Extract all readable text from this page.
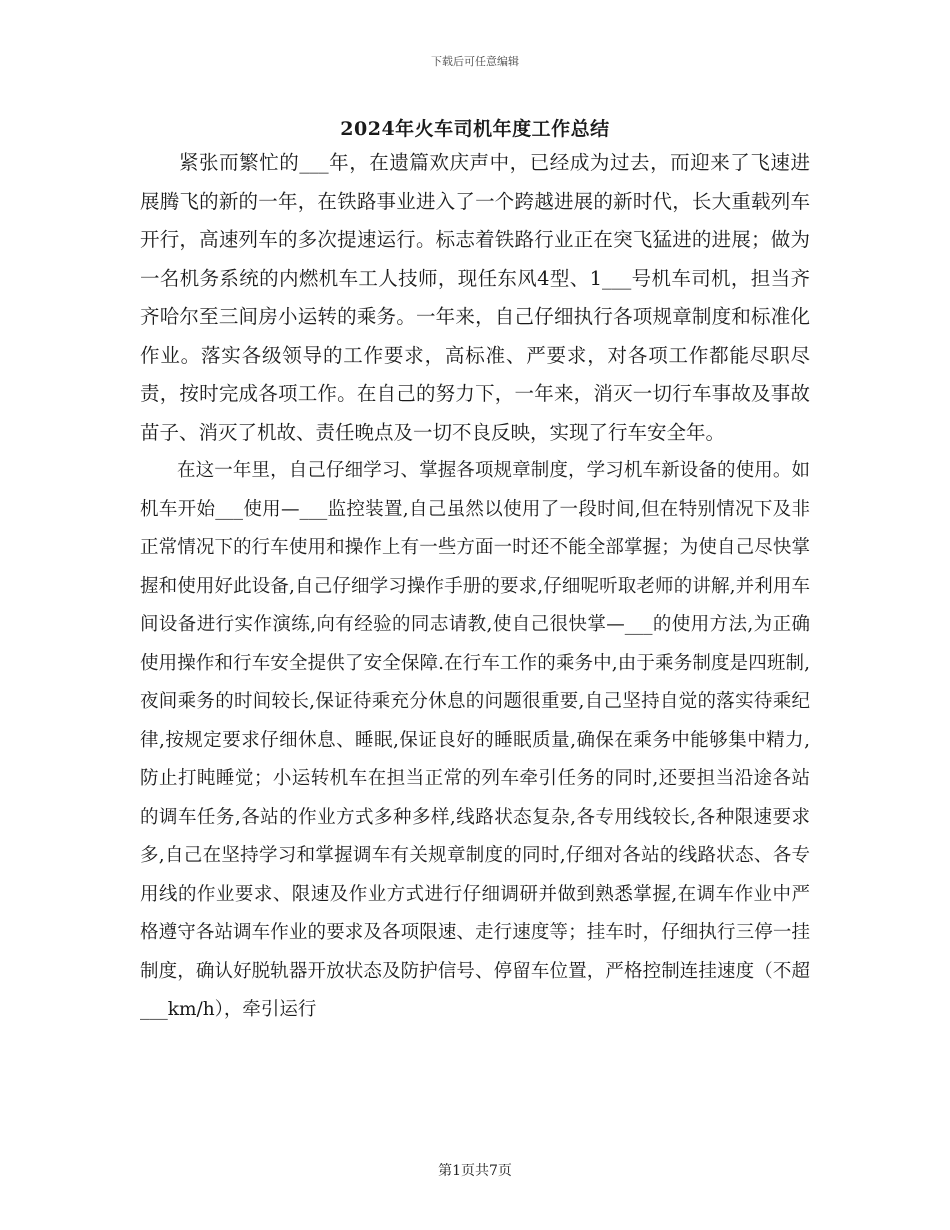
下载后可任意编辑
2024年火车司机年度工作总结

紧张而繁忙的___年，在遗篇欢庆声中，已经成为过去，而迎来了飞速进展腾飞的新的一年，在铁路事业进入了一个跨越进展的新时代，长大重载列车开行，高速列车的多次提速运行。标志着铁路行业正在突飞猛进的进展；做为一名机务系统的内燃机车工人技师，现任东风4型、1___号机车司机，担当齐齐哈尔至三间房小运转的乘务。一年来，自己仔细执行各项规章制度和标准化作业。落实各级领导的工作要求，高标准、严要求，对各项工作都能尽职尽责，按时完成各项工作。在自己的努力下，一年来，消灭一切行车事故及事故苗子、消灭了机故、责任晚点及一切不良反映，实现了行车安全年。

在这一年里，自己仔细学习、掌握各项规章制度，学习机车新设备的使用。如机车开始___使用—___监控装置,自己虽然以使用了一段时间,但在特别情况下及非正常情况下的行车使用和操作上有一些方面一时还不能全部掌握；为使自己尽快掌握和使用好此设备,自己仔细学习操作手册的要求,仔细呢听取老师的讲解,并利用车间设备进行实作演练,向有经验的同志请教,使自己很快掌—___的使用方法,为正确使用操作和行车安全提供了安全保障.在行车工作的乘务中,由于乘务制度是四班制,夜间乘务的时间较长,保证待乘充分休息的问题很重要,自己坚持自觉的落实待乘纪律,按规定要求仔细休息、睡眠,保证良好的睡眠质量,确保在乘务中能够集中精力,防止打盹睡觉；小运转机车在担当正常的列车牵引任务的同时,还要担当沿途各站的调车任务,各站的作业方式多种多样,线路状态复杂,各专用线较长,各种限速要求多,自己在坚持学习和掌握调车有关规章制度的同时,仔细对各站的线路状态、各专用线的作业要求、限速及作业方式进行仔细调研并做到熟悉掌握,在调车作业中严格遵守各站调车作业的要求及各项限速、走行速度等；挂车时，仔细执行三停一挂制度，确认好脱轨器开放状态及防护信号、停留车位置，严格控制连挂速度（不超___km/h），牵引运行

第1页共7页
